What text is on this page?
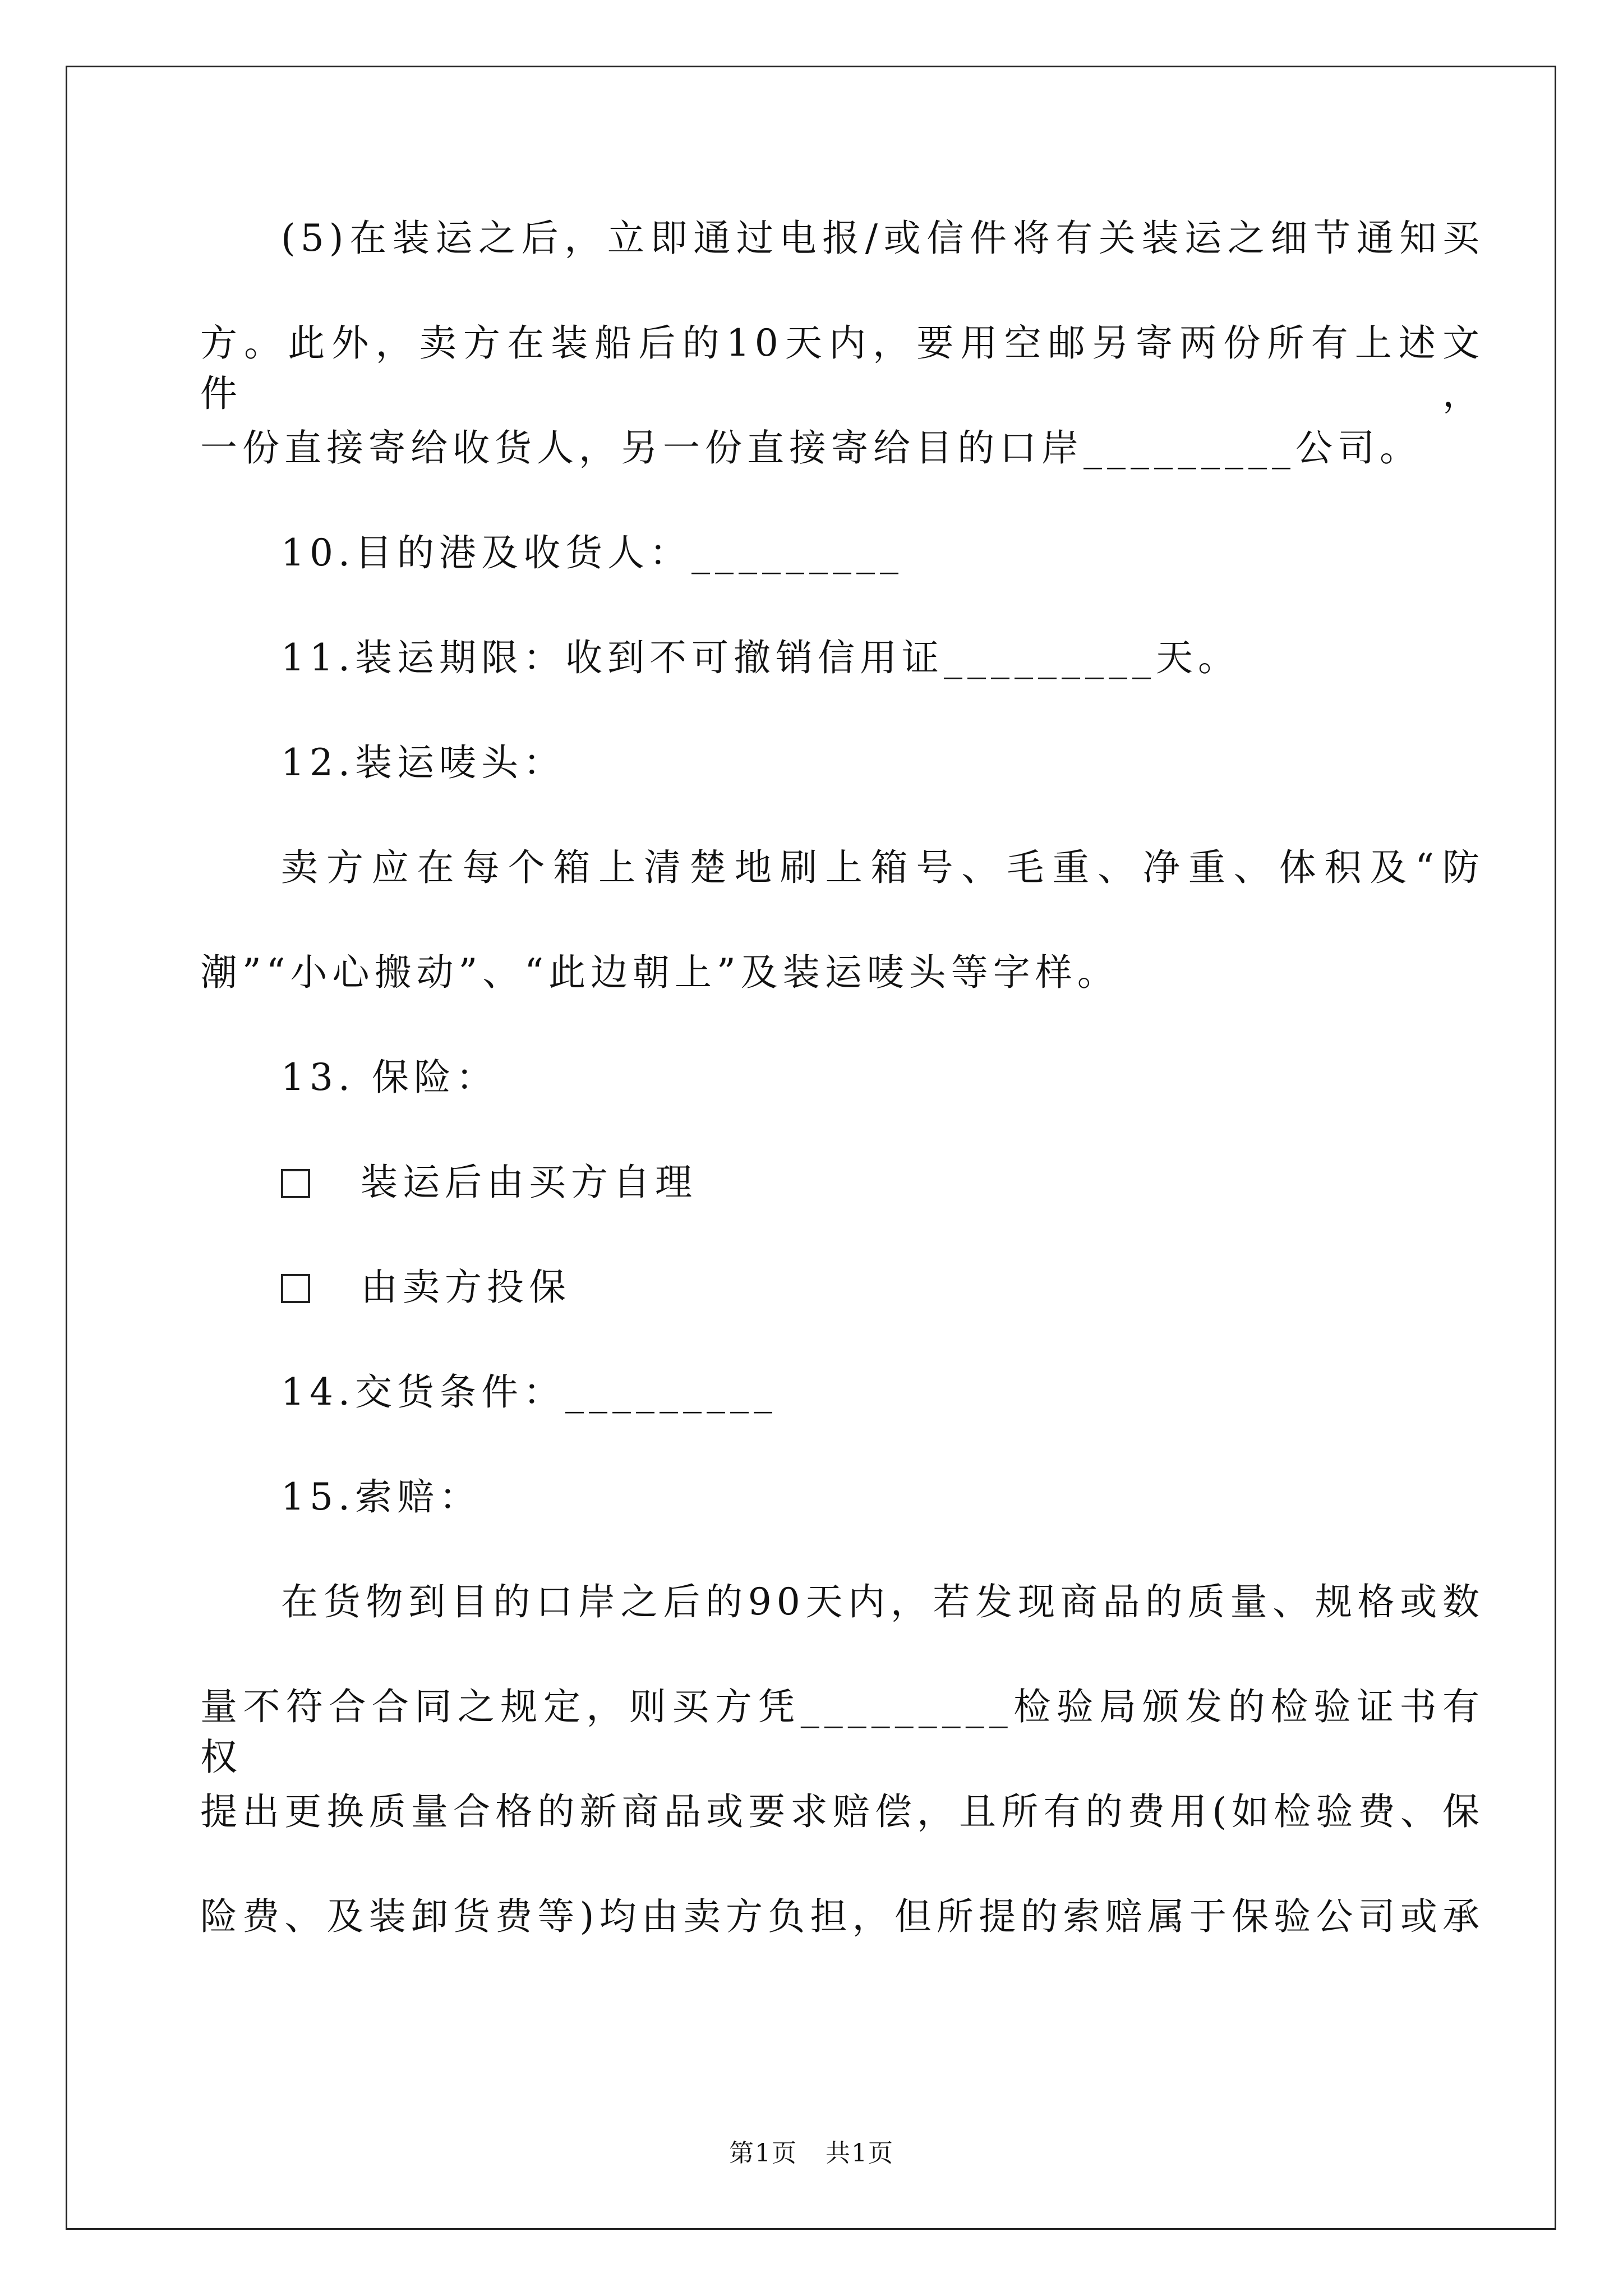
(5)在装运之后，立即通过电报/或信件将有关装运之细节通知买
方。此外，卖方在装船后的10天内，要用空邮另寄两份所有上述文件，
一份直接寄给收货人，另一份直接寄给目的口岸_________公司。
10.目的港及收货人：_________
11.装运期限：收到不可撤销信用证_________天。
12.装运唛头：
卖方应在每个箱上清楚地刷上箱号、毛重、净重、体积及“防
潮”“小心搬动”、“此边朝上”及装运唛头等字样。
13. 保险：
装运后由买方自理
由卖方投保
14.交货条件：_________
15.索赔：
在货物到目的口岸之后的90天内，若发现商品的质量、规格或数
量不符合合同之规定，则买方凭_________检验局颁发的检验证书有权
提出更换质量合格的新商品或要求赔偿，且所有的费用(如检验费、保
险费、及装卸货费等)均由卖方负担，但所提的索赔属于保验公司或承
第1页 共1页
